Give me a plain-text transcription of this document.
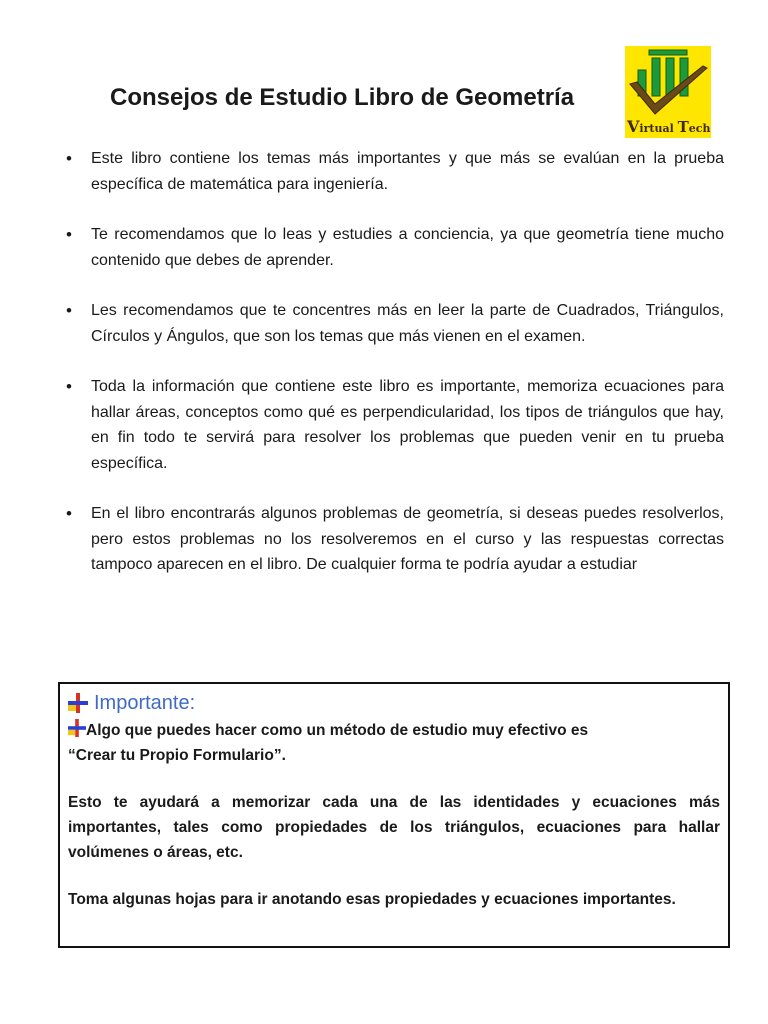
Consejos de Estudio Libro de Geometría
Virtual Tech
• Este libro contiene los temas más importantes y que más se evalúan en la prueba específica de matemática para ingeniería.
• Te recomendamos que lo leas y estudies a conciencia, ya que geometría tiene mucho contenido que debes de aprender.
• Les recomendamos que te concentres más en leer la parte de Cuadrados, Triángulos, Círculos y Ángulos, que son los temas que más vienen en el examen.
• Toda la información que contiene este libro es importante, memoriza ecuaciones para hallar áreas, conceptos como qué es perpendicularidad, los tipos de triángulos que hay, en fin todo te servirá para resolver los problemas que pueden venir en tu prueba específica.
• En el libro encontrarás algunos problemas de geometría, si deseas puedes resolverlos, pero estos problemas no los resolveremos en el curso y las respuestas correctas tampoco aparecen en el libro. De cualquier forma te podría ayudar a estudiar
Importante:

Algo que puedes hacer como un método de estudio muy efectivo es

“Crear tu Propio Formulario”.

Esto te ayudará a memorizar cada una de las identidades y ecuaciones más importantes, tales como propiedades de los triángulos, ecuaciones para hallar volúmenes o áreas, etc.

Toma algunas hojas para ir anotando esas propiedades y ecuaciones importantes.
